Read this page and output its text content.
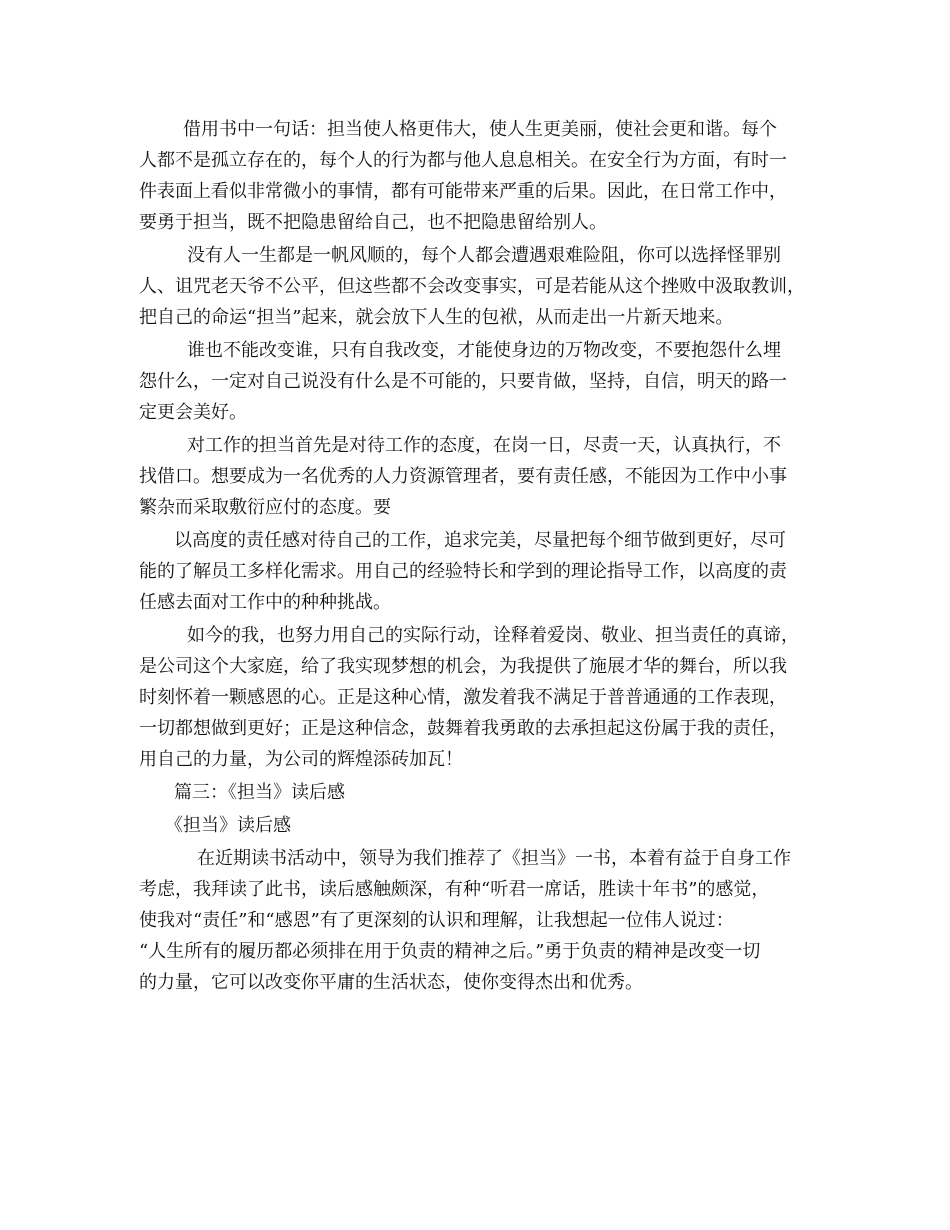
借用书中一句话：担当使人格更伟大，使人生更美丽，使社会更和谐。每个
人都不是孤立存在的，每个人的行为都与他人息息相关。在安全行为方面，有时一
件表面上看似非常微小的事情，都有可能带来严重的后果。因此，在日常工作中，
要勇于担当，既不把隐患留给自己，也不把隐患留给别人。
没有人一生都是一帆风顺的，每个人都会遭遇艰难险阻，你可以选择怪罪别
人、诅咒老天爷不公平，但这些都不会改变事实，可是若能从这个挫败中汲取教训，
把自己的命运“担当”起来，就会放下人生的包袱，从而走出一片新天地来。
谁也不能改变谁，只有自我改变，才能使身边的万物改变，不要抱怨什么埋
怨什么，一定对自己说没有什么是不可能的，只要肯做，坚持，自信，明天的路一
定更会美好。
对工作的担当首先是对待工作的态度，在岗一日，尽责一天，认真执行，不
找借口。想要成为一名优秀的人力资源管理者，要有责任感，不能因为工作中小事
繁杂而采取敷衍应付的态度。要
以高度的责任感对待自己的工作，追求完美，尽量把每个细节做到更好，尽可
能的了解员工多样化需求。用自己的经验特长和学到的理论指导工作，以高度的责
任感去面对工作中的种种挑战。
如今的我，也努力用自己的实际行动，诠释着爱岗、敬业、担当责任的真谛，
是公司这个大家庭，给了我实现梦想的机会，为我提供了施展才华的舞台，所以我
时刻怀着一颗感恩的心。正是这种心情，激发着我不满足于普普通通的工作表现，
一切都想做到更好；正是这种信念，鼓舞着我勇敢的去承担起这份属于我的责任，
用自己的力量，为公司的辉煌添砖加瓦！
篇三：《担当》读后感
《担当》读后感
在近期读书活动中，领导为我们推荐了《担当》一书，本着有益于自身工作
考虑，我拜读了此书，读后感触颇深，有种“听君一席话，胜读十年书”的感觉，
使我对“责任”和“感恩”有了更深刻的认识和理解，让我想起一位伟人说过：
“人生所有的履历都必须排在用于负责的精神之后。”勇于负责的精神是改变一切
的力量，它可以改变你平庸的生活状态，使你变得杰出和优秀。
